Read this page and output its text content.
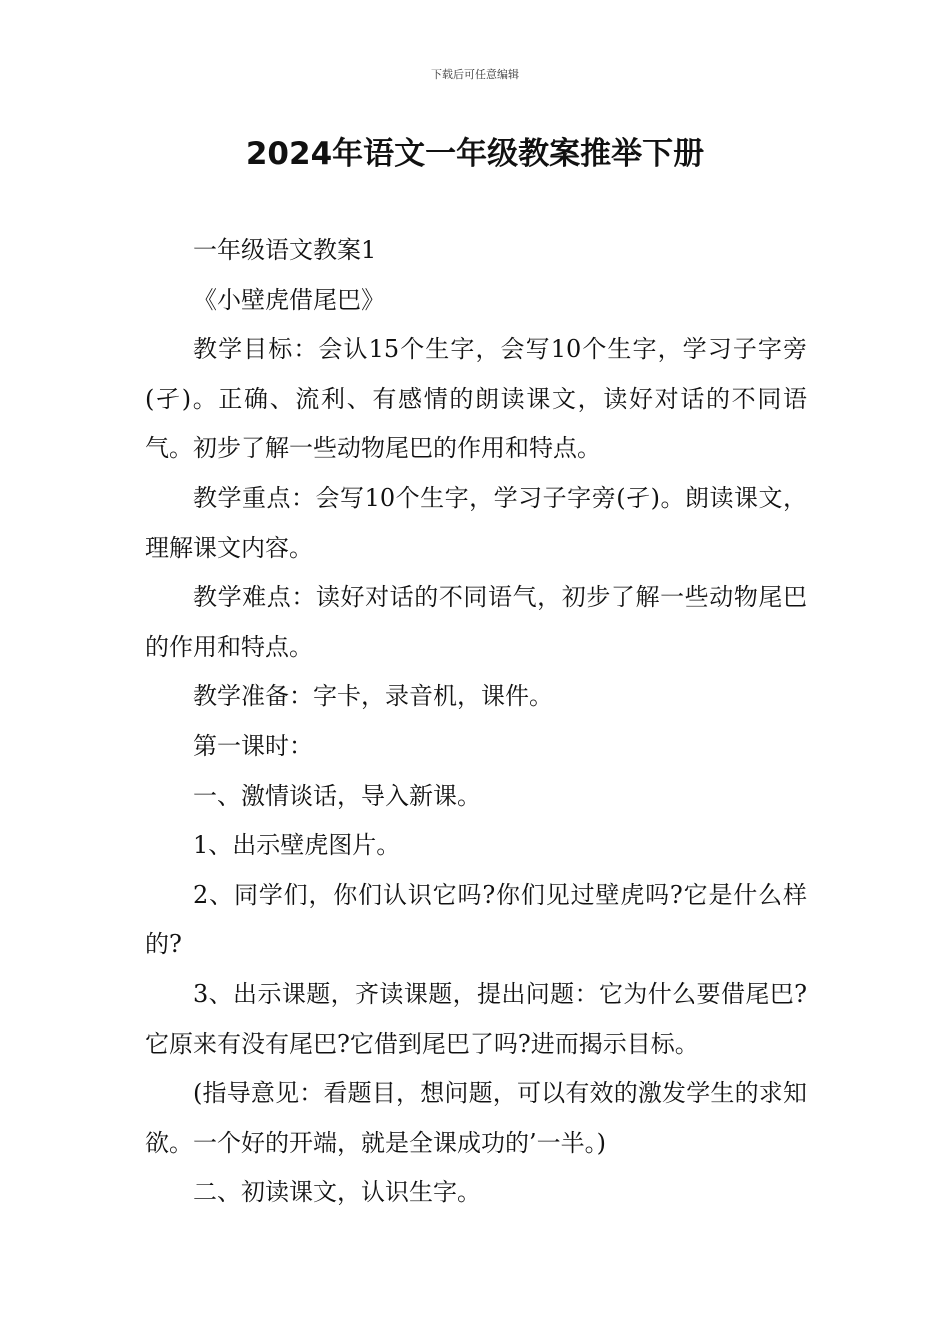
下载后可任意编辑
2024年语文一年级教案推举下册

一年级语文教案1

《小壁虎借尾巴》

教学目标：会认15个生字，会写10个生字，学习子字旁(孑)。正确、流利、有感情的朗读课文，读好对话的不同语气。初步了解一些动物尾巴的作用和特点。

教学重点：会写10个生字，学习子字旁(孑)。朗读课文，理解课文内容。

教学难点：读好对话的不同语气，初步了解一些动物尾巴的作用和特点。

教学准备：字卡，录音机，课件。

第一课时：

一、激情谈话，导入新课。

1、出示壁虎图片。

2、同学们，你们认识它吗?你们见过壁虎吗?它是什么样的?

3、出示课题，齐读课题，提出问题：它为什么要借尾巴?它原来有没有尾巴?它借到尾巴了吗?进而揭示目标。

(指导意见：看题目，想问题，可以有效的激发学生的求知欲。一个好的开端，就是全课成功的’一半。)

二、初读课文，认识生字。
